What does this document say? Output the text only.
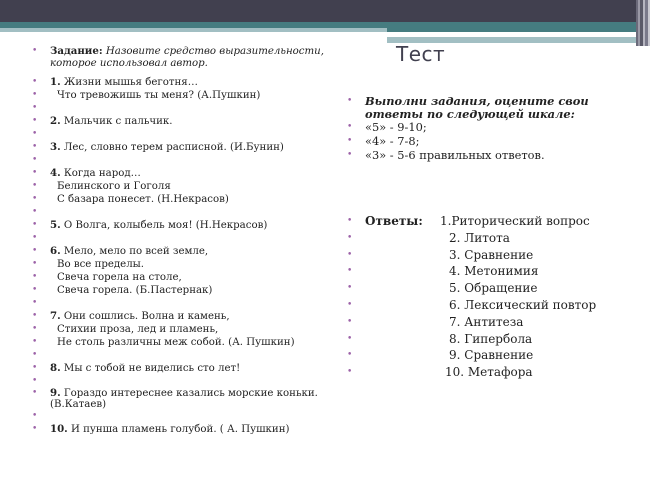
Тест
• Задание: Назовите средство выразительности, которое использовал автор.
• 1. Жизни мышья беготня…
• Что тревожишь ты меня? (А.Пушкин)
•
• 2. Мальчик с пальчик.
•
• 3. Лес, словно терем расписной. (И.Бунин)
•
• 4. Когда народ…
• Белинского и Гоголя
• С базара понесет. (Н.Некрасов)
•
• 5. О Волга, колыбель моя! (Н.Некрасов)
•
• 6. Мело, мело по всей земле,
• Во все пределы.
• Свеча горела на столе,
• Свеча горела. (Б.Пастернак)
•
• 7. Они сошлись. Волна и камень,
• Стихии проза, лед и пламень,
• Не столь различны меж собой. (А. Пушкин)
•
• 8. Мы с тобой не виделись сто лет!
•
• 9. Гораздо интереснее казались морские коньки. (В.Катаев)
•
• 10. И пунша пламень голубой. ( А. Пушкин)
• Выполни задания, оцените свои ответы по следующей шкале:
• «5» - 9-10;
• «4» - 7-8;
• «3» - 5-6 правильных ответов.
• Ответы: 1.Риторический вопрос
•	2. Литота
•	3. Сравнение
•	4. Метонимия
•	5. Обращение
•	6. Лексический повтор
•	7. Антитеза
•	8. Гипербола
•	9. Сравнение
•	10. Метафора
